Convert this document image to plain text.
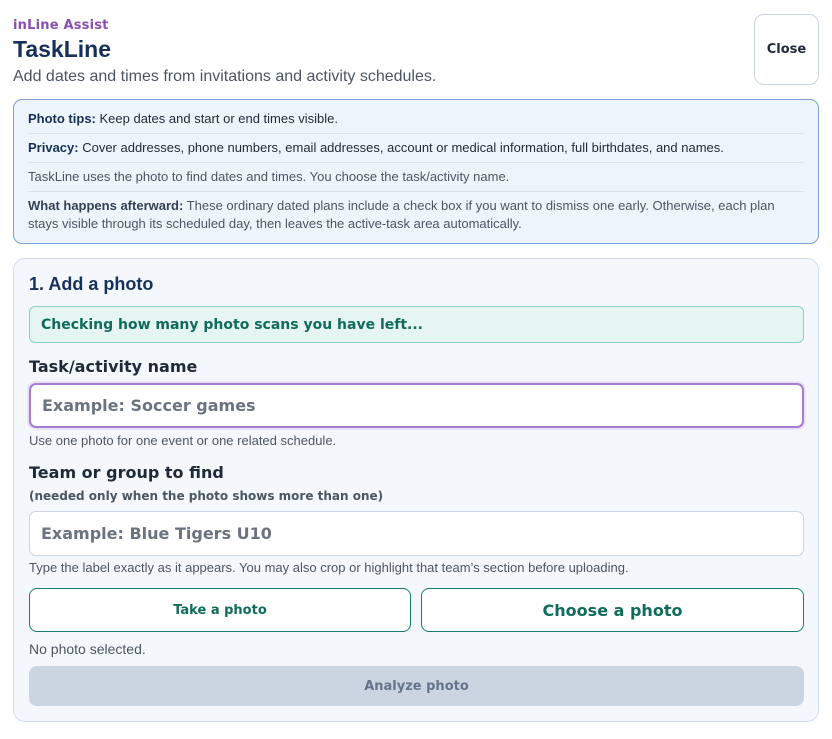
inLine Assist
TaskLine
Add dates and times from invitations and activity schedules.
Close
Photo tips: Keep dates and start or end times visible.
Privacy: Cover addresses, phone numbers, email addresses, account or medical information, full birthdates, and names.
TaskLine uses the photo to find dates and times. You choose the task/activity name.
What happens afterward: These ordinary dated plans include a check box if you want to dismiss one early. Otherwise, each plan stays visible through its scheduled day, then leaves the active-task area automatically.
1. Add a photo
Checking how many photo scans you have left...
Task/activity name
Example: Soccer games
Use one photo for one event or one related schedule.
Team or group to find
(needed only when the photo shows more than one)
Example: Blue Tigers U10
Type the label exactly as it appears. You may also crop or highlight that team’s section before uploading.
Take a photo	Choose a photo
No photo selected.
Analyze photo
